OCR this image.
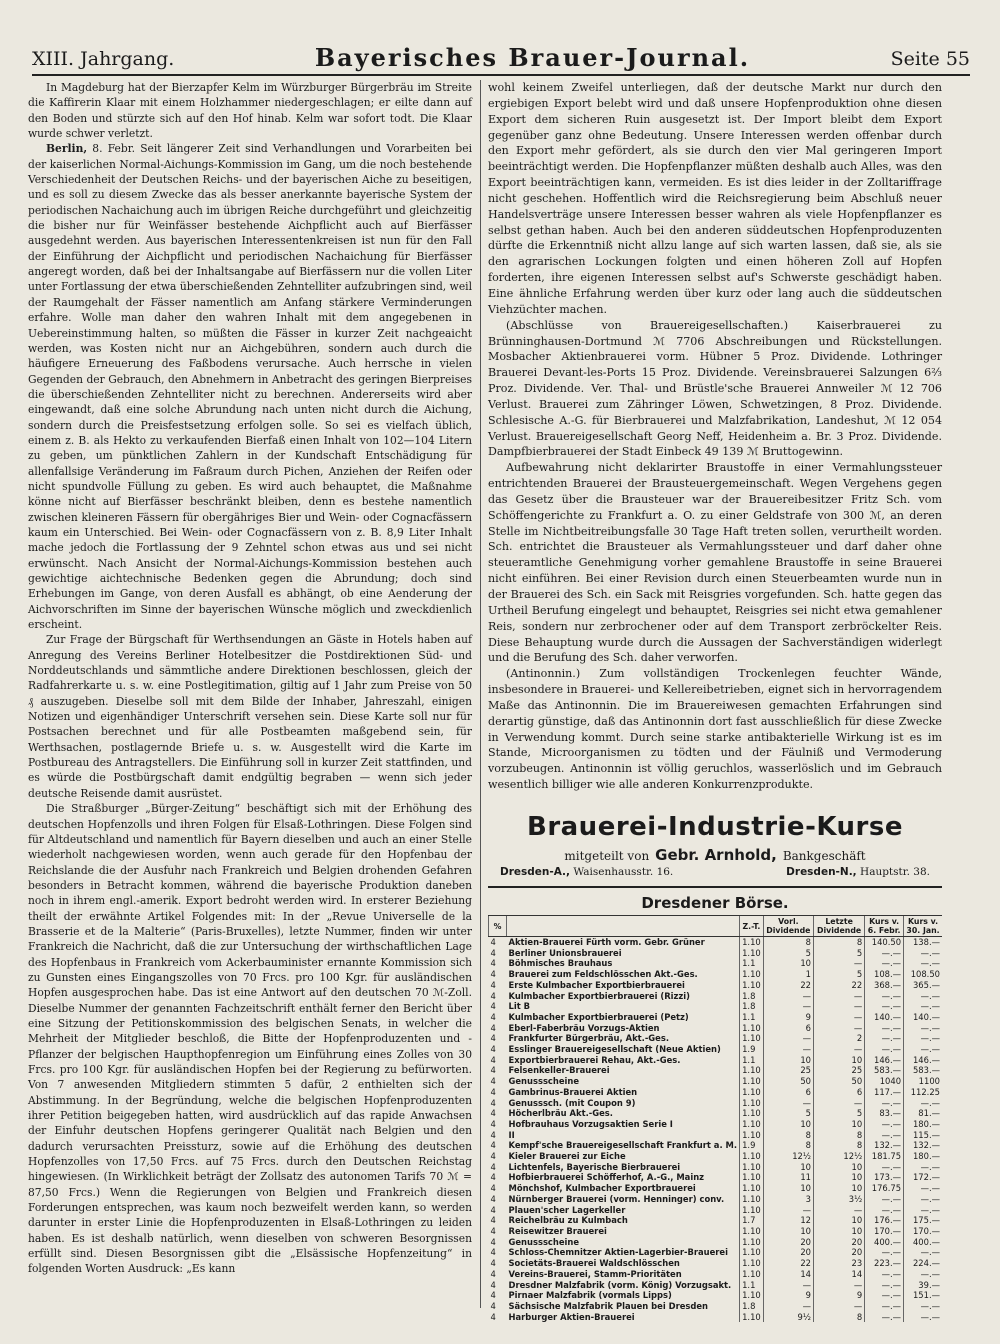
XIII. Jahrgang.	Bayerisches Brauer-Journal.	Seite 55

In Magdeburg hat der Bierzapfer Kelm im Würzburger Bürgerbräu im Streite die Kaffirerin Klaar mit einem Holzhammer niedergeschlagen; er eilte dann auf den Boden und stürzte sich auf den Hof hinab. Kelm war sofort todt. Die Klaar wurde schwer verletzt.

Berlin, 8. Febr. Seit längerer Zeit sind Verhandlungen und Vorarbeiten bei der kaiserlichen Normal-Aichungs-Kommission im Gang, um die noch bestehende Verschiedenheit der Deutschen Reichs- und der bayerischen Aiche zu beseitigen, und es soll zu diesem Zwecke das als besser anerkannte bayerische System der periodischen Nachaichung auch im übrigen Reiche durchgeführt und gleichzeitig die bisher nur für Weinfässer bestehende Aichpflicht auch auf Bierfässer ausgedehnt werden. Aus bayerischen Interessentenkreisen ist nun für den Fall der Einführung der Aichpflicht und periodischen Nachaichung für Bierfässer angeregt worden, daß bei der Inhaltsangabe auf Bierfässern nur die vollen Liter unter Fortlassung der etwa überschießenden Zehntelliter aufzubringen sind, weil der Raumgehalt der Fässer namentlich am Anfang stärkere Verminderungen erfahre. Wolle man daher den wahren Inhalt mit dem angegebenen in Uebereinstimmung halten, so müßten die Fässer in kurzer Zeit nachgeaicht werden, was Kosten nicht nur an Aichgebühren, sondern auch durch die häufigere Erneuerung des Faßbodens verursache. Auch herrsche in vielen Gegenden der Gebrauch, den Abnehmern in Anbetracht des geringen Bierpreises die überschießenden Zehntelliter nicht zu berechnen. Andererseits wird aber eingewandt, daß eine solche Abrundung nach unten nicht durch die Aichung, sondern durch die Preisfestsetzung erfolgen solle. So sei es vielfach üblich, einem z. B. als Hekto zu verkaufenden Bierfaß einen Inhalt von 102—104 Litern zu geben, um pünktlichen Zahlern in der Kundschaft Entschädigung für allenfallsige Veränderung im Faßraum durch Pichen, Anziehen der Reifen oder nicht spundvolle Füllung zu geben. Es wird auch behauptet, die Maßnahme könne nicht auf Bierfässer beschränkt bleiben, denn es bestehe namentlich zwischen kleineren Fässern für obergähriges Bier und Wein- oder Cognacfässern kaum ein Unterschied. Bei Wein- oder Cognacfässern von z. B. 8,9 Liter Inhalt mache jedoch die Fortlassung der 9 Zehntel schon etwas aus und sei nicht erwünscht. Nach Ansicht der Normal-Aichungs-Kommission bestehen auch gewichtige aichtechnische Bedenken gegen die Abrundung; doch sind Erhebungen im Gange, von deren Ausfall es abhängt, ob eine Aenderung der Aichvorschriften im Sinne der bayerischen Wünsche möglich und zweckdienlich erscheint.

Zur Frage der Bürgschaft für Werthsendungen an Gäste in Hotels haben auf Anregung des Vereins Berliner Hotelbesitzer die Postdirektionen Süd- und Norddeutschlands und sämmtliche andere Direktionen beschlossen, gleich der Radfahrerkarte u. s. w. eine Postlegitimation, giltig auf 1 Jahr zum Preise von 50 ₰ auszugeben. Dieselbe soll mit dem Bilde der Inhaber, Jahreszahl, einigen Notizen und eigenhändiger Unterschrift versehen sein. Diese Karte soll nur für Postsachen berechnet und für alle Postbeamten maßgebend sein, für Werthsachen, postlagernde Briefe u. s. w. Ausgestellt wird die Karte im Postbureau des Antragstellers. Die Einführung soll in kurzer Zeit stattfinden, und es würde die Postbürgschaft damit endgültig begraben — wenn sich jeder deutsche Reisende damit ausrüstet.

Die Straßburger „Bürger-Zeitung“ beschäftigt sich mit der Erhöhung des deutschen Hopfenzolls und ihren Folgen für Elsaß-Lothringen. Diese Folgen sind für Altdeutschland und namentlich für Bayern dieselben und auch an einer Stelle wiederholt nachgewiesen worden, wenn auch gerade für den Hopfenbau der Reichslande die der Ausfuhr nach Frankreich und Belgien drohenden Gefahren besonders in Betracht kommen, während die bayerische Produktion daneben noch in ihrem engl.-amerik. Export bedroht werden wird. In ersterer Beziehung theilt der erwähnte Artikel Folgendes mit: In der „Revue Universelle de la Brasserie et de la Malterie“ (Paris-Bruxelles), letzte Nummer, finden wir unter Frankreich die Nachricht, daß die zur Untersuchung der wirthschaftlichen Lage des Hopfenbaus in Frankreich vom Ackerbauminister ernannte Kommission sich zu Gunsten eines Eingangszolles von 70 Frcs. pro 100 Kgr. für ausländischen Hopfen ausgesprochen habe. Das ist eine Antwort auf den deutschen 70 ℳ-Zoll. Dieselbe Nummer der genannten Fachzeitschrift enthält ferner den Bericht über eine Sitzung der Petitionskommission des belgischen Senats, in welcher die Mehrheit der Mitglieder beschloß, die Bitte der Hopfenproduzenten und -Pflanzer der belgischen Haupthopfenregion um Einführung eines Zolles von 30 Frcs. pro 100 Kgr. für ausländischen Hopfen bei der Regierung zu befürworten. Von 7 anwesenden Mitgliedern stimmten 5 dafür, 2 enthielten sich der Abstimmung. In der Begründung, welche die belgischen Hopfenproduzenten ihrer Petition beigegeben hatten, wird ausdrücklich auf das rapide Anwachsen der Einfuhr deutschen Hopfens geringerer Qualität nach Belgien und den dadurch verursachten Preissturz, sowie auf die Erhöhung des deutschen Hopfenzolles von 17,50 Frcs. auf 75 Frcs. durch den Deutschen Reichstag hingewiesen. (In Wirklichkeit beträgt der Zollsatz des autonomen Tarifs 70 ℳ = 87,50 Frcs.) Wenn die Regierungen von Belgien und Frankreich diesen Forderungen entsprechen, was kaum noch bezweifelt werden kann, so werden darunter in erster Linie die Hopfenproduzenten in Elsaß-Lothringen zu leiden haben. Es ist deshalb natürlich, wenn dieselben von schweren Besorgnissen erfüllt sind. Diesen Besorgnissen gibt die „Elsässische Hopfenzeitung“ in folgenden Worten Ausdruck: „Es kann

wohl keinem Zweifel unterliegen, daß der deutsche Markt nur durch den ergiebigen Export belebt wird und daß unsere Hopfenproduktion ohne diesen Export dem sicheren Ruin ausgesetzt ist. Der Import bleibt dem Export gegenüber ganz ohne Bedeutung. Unsere Interessen werden offenbar durch den Export mehr gefördert, als sie durch den vier Mal geringeren Import beeinträchtigt werden. Die Hopfenpflanzer müßten deshalb auch Alles, was den Export beeinträchtigen kann, vermeiden. Es ist dies leider in der Zolltariffrage nicht geschehen. Hoffentlich wird die Reichsregierung beim Abschluß neuer Handelsverträge unsere Interessen besser wahren als viele Hopfenpflanzer es selbst gethan haben. Auch bei den anderen süddeutschen Hopfenproduzenten dürfte die Erkenntniß nicht allzu lange auf sich warten lassen, daß sie, als sie den agrarischen Lockungen folgten und einen höheren Zoll auf Hopfen forderten, ihre eigenen Interessen selbst auf's Schwerste geschädigt haben. Eine ähnliche Erfahrung werden über kurz oder lang auch die süddeutschen Viehzüchter machen.

(Abschlüsse von Brauereigesellschaften.) Kaiserbrauerei zu Brünninghausen-Dortmund ℳ 7706 Abschreibungen und Rückstellungen. Mosbacher Aktienbrauerei vorm. Hübner 5 Proz. Dividende. Lothringer Brauerei Devant-les-Ports 15 Proz. Dividende. Vereinsbrauerei Salzungen 6²⁄₃ Proz. Dividende. Ver. Thal- und Brüstle'sche Brauerei Annweiler ℳ 12 706 Verlust. Brauerei zum Zähringer Löwen, Schwetzingen, 8 Proz. Dividende. Schlesische A.-G. für Bierbrauerei und Malzfabrikation, Landeshut, ℳ 12 054 Verlust. Brauereigesellschaft Georg Neff, Heidenheim a. Br. 3 Proz. Dividende. Dampfbierbrauerei der Stadt Einbeck 49 139 ℳ Bruttogewinn.

Aufbewahrung nicht deklarirter Braustoffe in einer Vermahlungssteuer entrichtenden Brauerei der Brausteuergemeinschaft. Wegen Vergehens gegen das Gesetz über die Brausteuer war der Brauereibesitzer Fritz Sch. vom Schöffengerichte zu Frankfurt a. O. zu einer Geldstrafe von 300 ℳ, an deren Stelle im Nichtbeitreibungsfalle 30 Tage Haft treten sollen, verurtheilt worden. Sch. entrichtet die Brausteuer als Vermahlungssteuer und darf daher ohne steueramtliche Genehmigung vorher gemahlene Braustoffe in seine Brauerei nicht einführen. Bei einer Revision durch einen Steuerbeamten wurde nun in der Brauerei des Sch. ein Sack mit Reisgries vorgefunden. Sch. hatte gegen das Urtheil Berufung eingelegt und behauptet, Reisgries sei nicht etwa gemahlener Reis, sondern nur zerbrochener oder auf dem Transport zerbröckelter Reis. Diese Behauptung wurde durch die Aussagen der Sachverständigen widerlegt und die Berufung des Sch. daher verworfen.

(Antinonnin.) Zum vollständigen Trockenlegen feuchter Wände, insbesondere in Brauerei- und Kellereibetrieben, eignet sich in hervorragendem Maße das Antinonnin. Die im Brauereiwesen gemachten Erfahrungen sind derartig günstige, daß das Antinonnin dort fast ausschließlich für diese Zwecke in Verwendung kommt. Durch seine starke antibakterielle Wirkung ist es im Stande, Microorganismen zu tödten und der Fäulniß und Vermoderung vorzubeugen. Antinonnin ist völlig geruchlos, wasserlöslich und im Gebrauch wesentlich billiger wie alle anderen Konkurrenzprodukte.

Brauerei-Industrie-Kurse
mitgeteilt von Gebr. Arnhold, Bankgeschäft
Dresden-A., Waisenhausstr. 16.	Dresden-N., Hauptstr. 38.
Dresdener Börse.
%		Z.-T.	Vorl. Dividende	Letzte Dividende	Kurs v. 6. Febr.	Kurs v. 30. Jan.
4	Aktien-Brauerei Fürth vorm. Gebr. Grüner	1.10	8	8	140.50	138.—
4	Berliner Unionsbrauerei	1.10	5	5	—.—	—.—
4	Böhmisches Brauhaus	1.1	10	—	—.—	—.—
4	Brauerei zum Feldschlösschen Akt.-Ges.	1.10	1	5	108.—	108.50
4	Erste Kulmbacher Exportbierbrauerei	1.10	22	22	368.—	365.—
4	Kulmbacher Exportbierbrauerei (Rizzi)	1.8	—	—	—.—	—.—
4	Lit B	1.8	—	—	—.—	—.—
4	Kulmbacher Exportbierbrauerei (Petz)	1.1	9	—	140.—	140.—
4	Eberl-Faberbräu Vorzugs-Aktien	1.10	6	—	—.—	—.—
4	Frankfurter Bürgerbräu, Akt.-Ges.	1.10	—	2	—.—	—.—
4	Esslinger Brauereigesellschaft (Neue Aktien)	1.9	—	—	—.—	—.—
4	Exportbierbrauerei Rehau, Akt.-Ges.	1.1	10	10	146.—	146.—
4	Felsenkeller-Brauerei	1.10	25	25	583.—	583.—
4	Genussscheine	1.10	50	50	1040	1100
4	Gambrinus-Brauerei Aktien	1.10	6	6	117.—	112.25
4	Genusssch. (mit Coupon 9)	1.10	—	—	—.—	—.—
4	Höcherlbräu Akt.-Ges.	1.10	5	5	83.—	81.—
4	Hofbrauhaus Vorzugsaktien Serie I	1.10	10	10	—.—	180.—
4	II	1.10	8	8	—.—	115.—
4	Kempf'sche Brauereigesellschaft Frankfurt a. M.	1.9	8	8	132.—	132.—
4	Kieler Brauerei zur Eiche	1.10	12½	12½	181.75	180.—
4	Lichtenfels, Bayerische Bierbrauerei	1.10	10	10	—.—	—.—
4	Hofbierbrauerei Schöfferhof, A.-G., Mainz	1.10	11	10	173.—	172.—
4	Mönchshof, Kulmbacher Exportbrauerei	1.10	10	10	176.75	—.—
4	Nürnberger Brauerei (vorm. Henninger) conv.	1.10	3	3½	—.—	—.—
4	Plauen'scher Lagerkeller	1.10	—	—	—.—	—.—
4	Reichelbräu zu Kulmbach	1.7	12	10	176.—	175.—
4	Reisewitzer Brauerei	1.10	10	10	170.—	170.—
4	Genussscheine	1.10	20	20	400.—	400.—
4	Schloss-Chemnitzer Aktien-Lagerbier-Brauerei	1.10	20	20	—.—	—.—
4	Societäts-Brauerei Waldschlösschen	1.10	22	23	223.—	224.—
4	Vereins-Brauerei, Stamm-Prioritäten	1.10	14	14	—.—	—.—
4	Dresdner Malzfabrik (vorm. König) Vorzugsakt.	1.1	—	—	—.—	39.—
4	Pirnaer Malzfabrik (vormals Lipps)	1.10	9	9	—.—	151.—
4	Sächsische Malzfabrik Plauen bei Dresden	1.8	—	—	—.—	—.—
4	Harburger Aktien-Brauerei	1.10	9½	8	—.—	—.—
